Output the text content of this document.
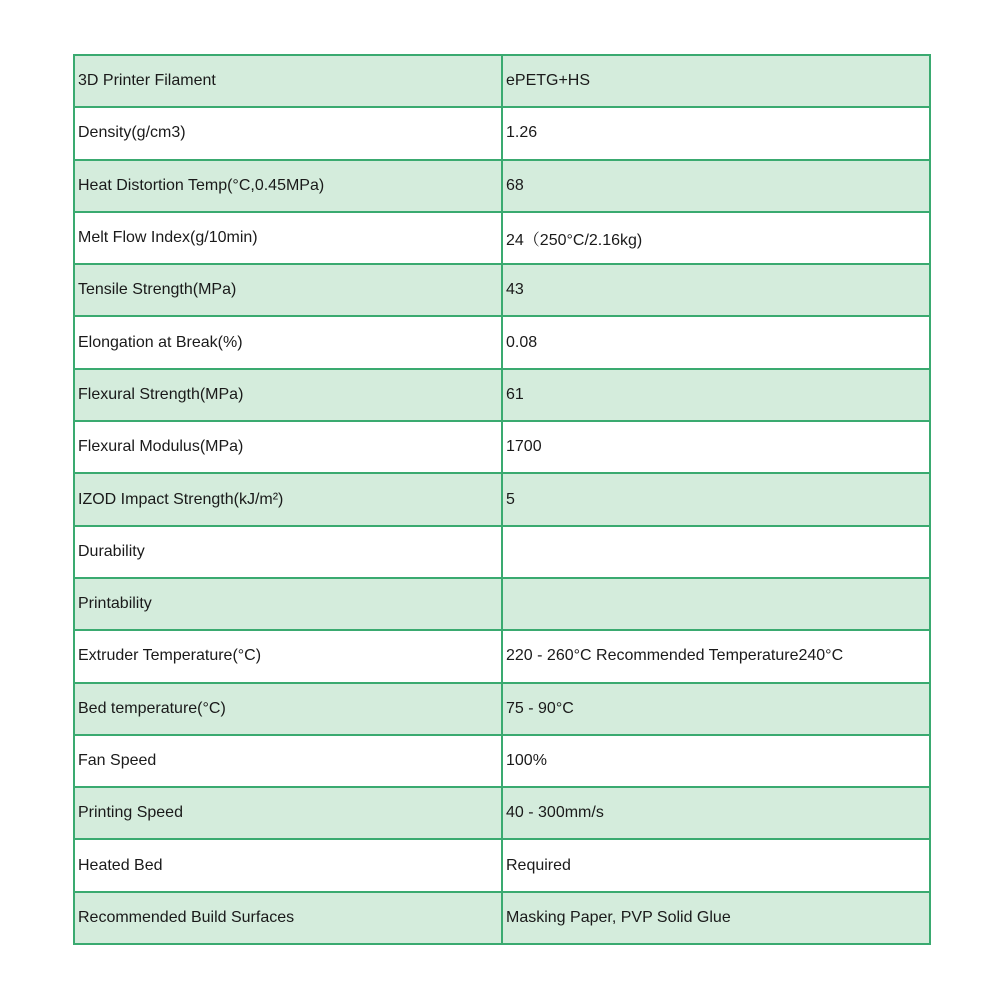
3D Printer Filament	ePETG+HS
Density(g/cm3)	1.26
Heat Distortion Temp(°C,0.45MPa)	68
Melt Flow Index(g/10min)	24（250°C/2.16kg)
Tensile Strength(MPa)	43
Elongation at Break(%)	0.08
Flexural Strength(MPa)	61
Flexural Modulus(MPa)	1700
IZOD Impact Strength(kJ/m²)	5
Durability	
Printability	
Extruder Temperature(°C)	220 - 260°C Recommended Temperature240°C
Bed temperature(°C)	75 - 90°C
Fan Speed	100%
Printing Speed	40 - 300mm/s
Heated Bed	Required
Recommended Build Surfaces	Masking Paper, PVP Solid Glue
